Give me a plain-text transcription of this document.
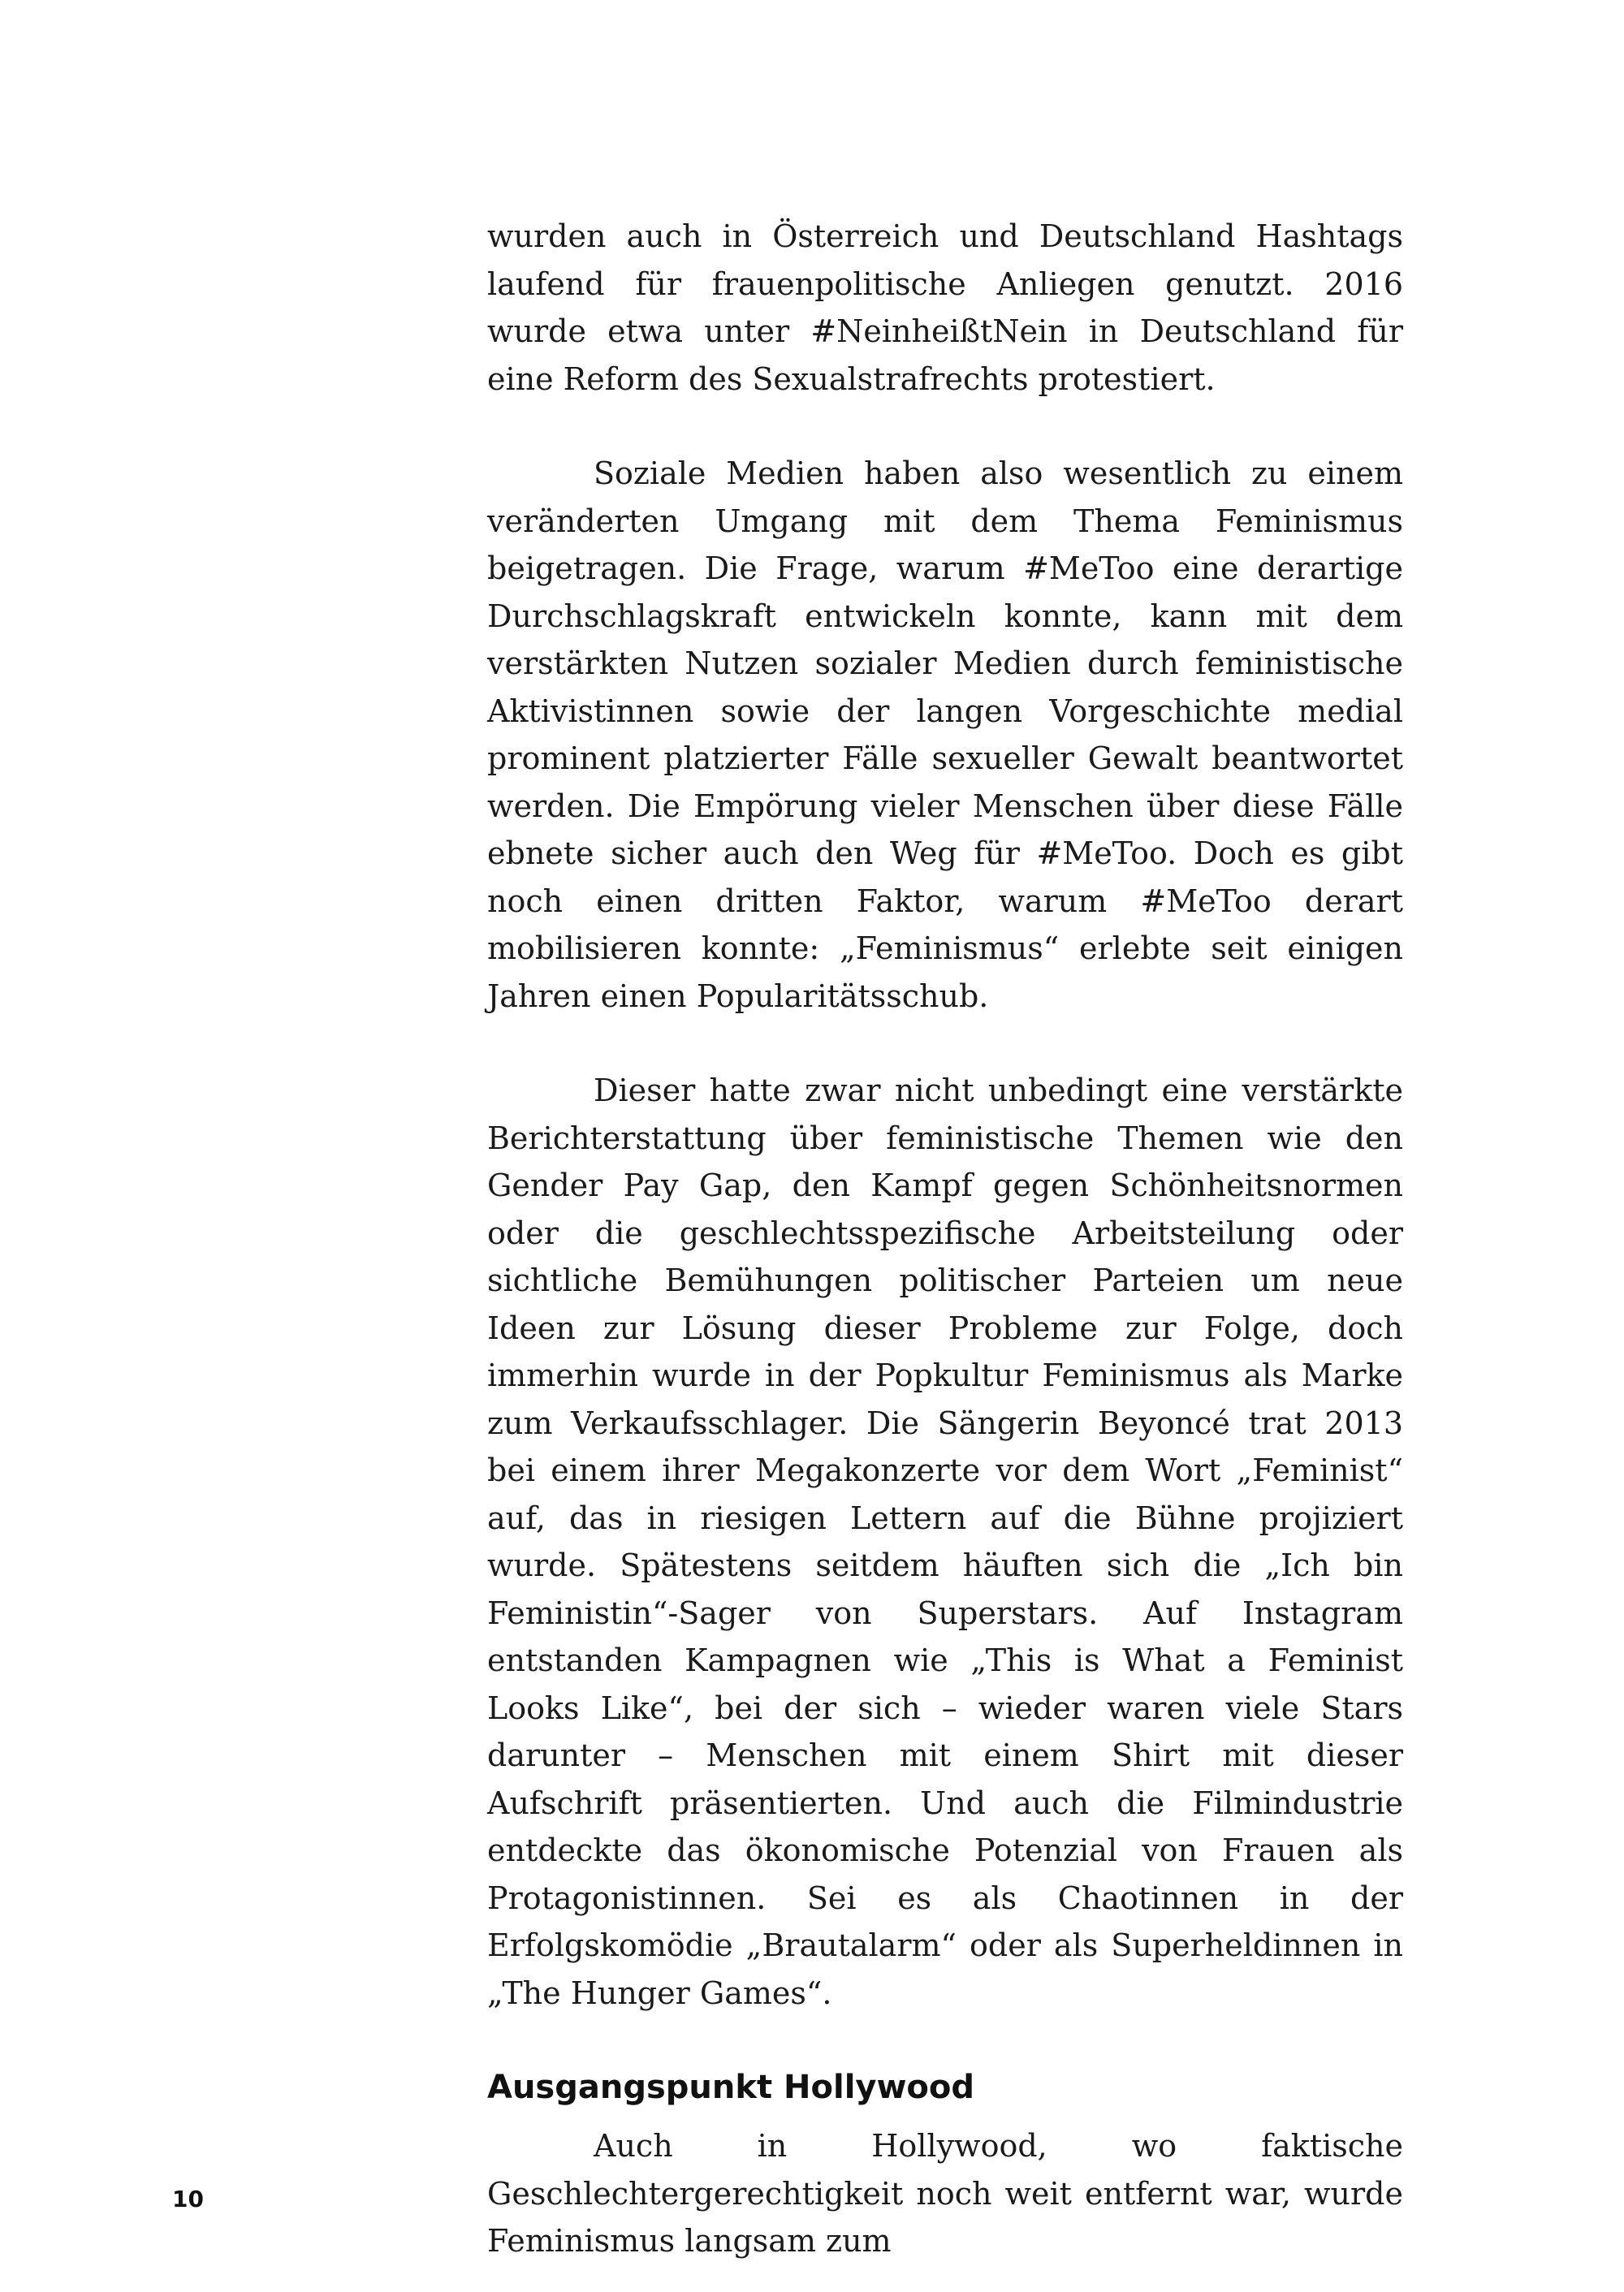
wurden auch in Österreich und Deutschland Hashtags laufend für frauenpolitische Anliegen genutzt. 2016 wurde etwa unter #NeinheißtNein in Deutschland für eine Reform des Sexualstrafrechts protestiert.

Soziale Medien haben also wesentlich zu einem veränderten Umgang mit dem Thema Feminismus beigetragen. Die Frage, warum #MeToo eine derartige Durchschlagskraft entwickeln konnte, kann mit dem verstärkten Nutzen sozialer Medien durch feministische Aktivistinnen sowie der langen Vorgeschichte medial prominent platzierter Fälle sexueller Gewalt beantwortet werden. Die Empörung vieler Menschen über diese Fälle ebnete sicher auch den Weg für #MeToo. Doch es gibt noch einen dritten Faktor, warum #MeToo derart mobilisieren konnte: „Feminismus“ erlebte seit einigen Jahren einen Popularitätsschub.

Dieser hatte zwar nicht unbedingt eine verstärkte Berichterstattung über feministische Themen wie den Gender Pay Gap, den Kampf gegen Schönheitsnormen oder die geschlechtsspezifische Arbeitsteilung oder sichtliche Bemühungen politischer Parteien um neue Ideen zur Lösung dieser Probleme zur Folge, doch immerhin wurde in der Popkultur Feminismus als Marke zum Verkaufsschlager. Die Sängerin Beyoncé trat 2013 bei einem ihrer Megakonzerte vor dem Wort „Feminist“ auf, das in riesigen Lettern auf die Bühne projiziert wurde. Spätestens seitdem häuften sich die „Ich bin Feministin“-Sager von Superstars. Auf Instagram entstanden Kampagnen wie „This is What a Feminist Looks Like“, bei der sich – wieder waren viele Stars darunter – Menschen mit einem Shirt mit dieser Aufschrift präsentierten. Und auch die Filmindustrie entdeckte das ökonomische Potenzial von Frauen als Protagonistinnen. Sei es als Chaotinnen in der Erfolgskomödie „Brautalarm“ oder als Superheldinnen in „The Hunger Games“.

Ausgangspunkt Hollywood

Auch in Hollywood, wo faktische Geschlechtergerechtigkeit noch weit entfernt war, wurde Feminismus langsam zum

10
